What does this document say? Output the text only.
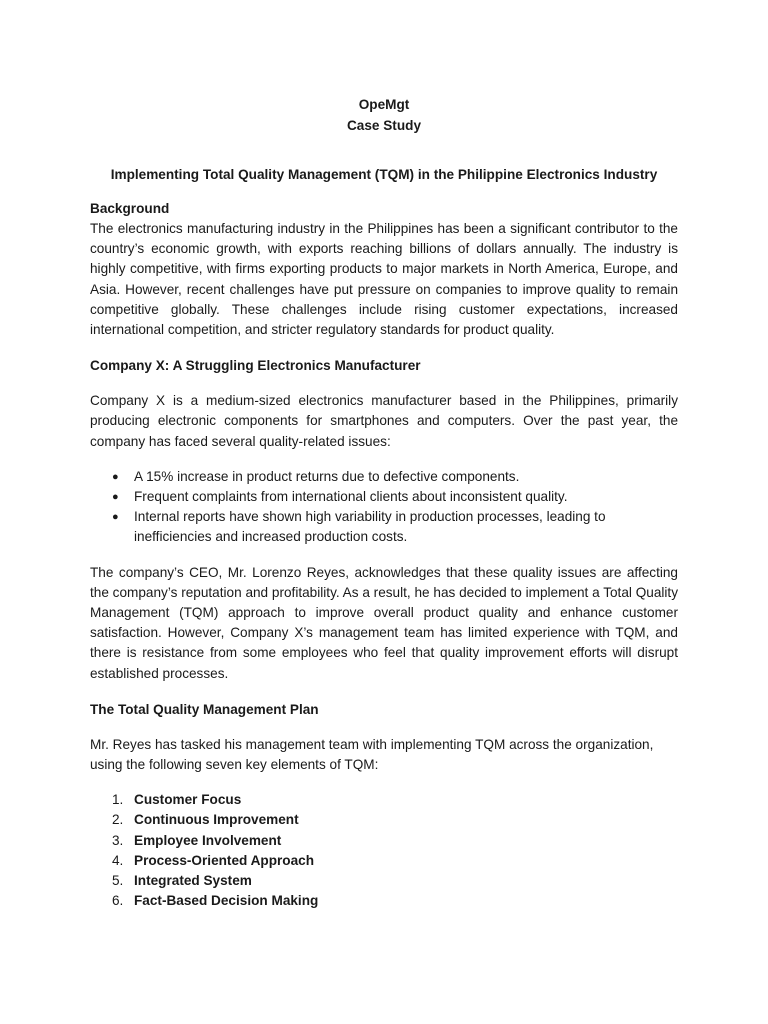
OpeMgt

Case Study

Implementing Total Quality Management (TQM) in the Philippine Electronics Industry

Background

The electronics manufacturing industry in the Philippines has been a significant contributor to the country’s economic growth, with exports reaching billions of dollars annually. The industry is highly competitive, with firms exporting products to major markets in North America, Europe, and Asia. However, recent challenges have put pressure on companies to improve quality to remain competitive globally. These challenges include rising customer expectations, increased international competition, and stricter regulatory standards for product quality.

Company X: A Struggling Electronics Manufacturer

Company X is a medium-sized electronics manufacturer based in the Philippines, primarily producing electronic components for smartphones and computers. Over the past year, the company has faced several quality-related issues:

● A 15% increase in product returns due to defective components.
● Frequent complaints from international clients about inconsistent quality.
● Internal reports have shown high variability in production processes, leading to inefficiencies and increased production costs.

The company’s CEO, Mr. Lorenzo Reyes, acknowledges that these quality issues are affecting the company’s reputation and profitability. As a result, he has decided to implement a Total Quality Management (TQM) approach to improve overall product quality and enhance customer satisfaction. However, Company X’s management team has limited experience with TQM, and there is resistance from some employees who feel that quality improvement efforts will disrupt established processes.

The Total Quality Management Plan

Mr. Reyes has tasked his management team with implementing TQM across the organization, using the following seven key elements of TQM:

1. Customer Focus
2. Continuous Improvement
3. Employee Involvement
4. Process-Oriented Approach
5. Integrated System
6. Fact-Based Decision Making
